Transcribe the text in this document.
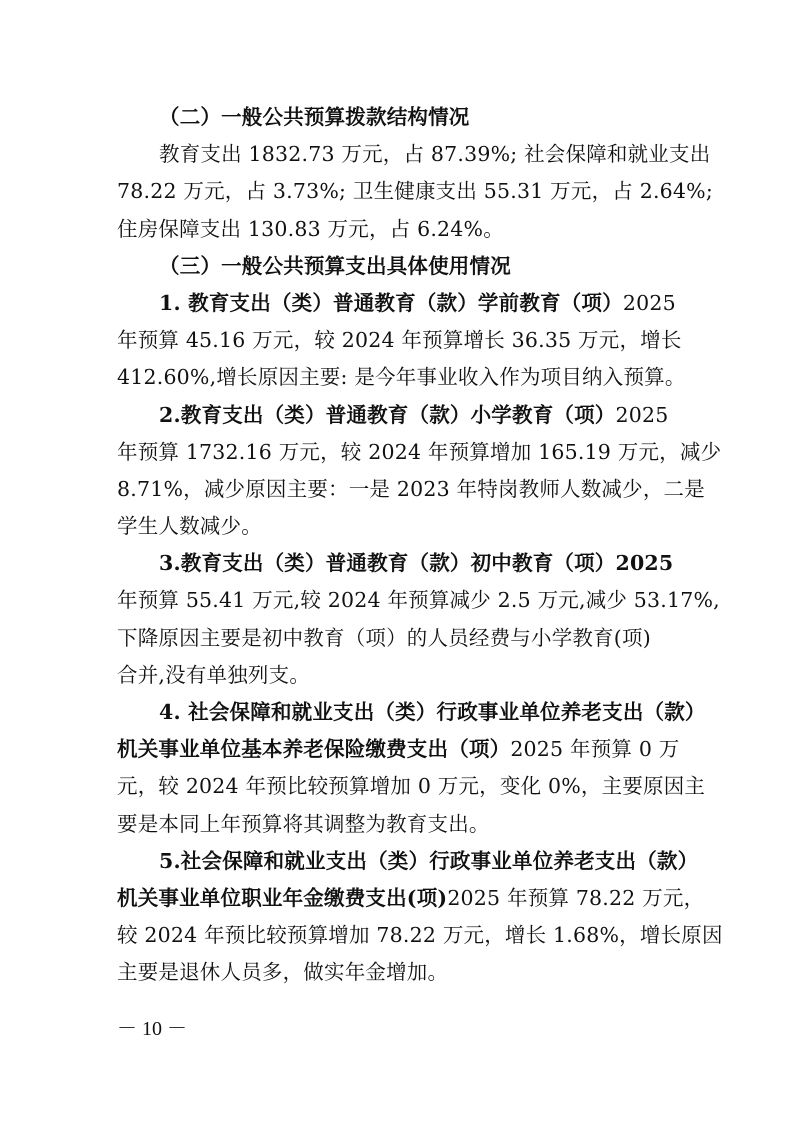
（二）一般公共预算拨款结构情况
教育支出 1832.73 万元，占 87.39%; 社会保障和就业支出
78.22 万元，占 3.73%; 卫生健康支出 55.31 万元，占 2.64%;
住房保障支出 130.83 万元，占 6.24%。
（三）一般公共预算支出具体使用情况
1. 教育支出（类）普通教育（款）学前教育（项）2025
年预算 45.16 万元，较 2024 年预算增长 36.35 万元，增长
412.60%,增长原因主要: 是今年事业收入作为项目纳入预算。
2.教育支出（类）普通教育（款）小学教育（项）2025
年预算 1732.16 万元，较 2024 年预算增加 165.19 万元，减少
8.71%，减少原因主要：一是 2023 年特岗教师人数减少，二是
学生人数减少。
3.教育支出（类）普通教育（款）初中教育（项）2025
年预算 55.41 万元,较 2024 年预算减少 2.5 万元,减少 53.17%,
下降原因主要是初中教育（项）的人员经费与小学教育(项)
合并,没有单独列支。
4. 社会保障和就业支出（类）行政事业单位养老支出（款）
机关事业单位基本养老保险缴费支出（项）2025 年预算 0 万
元，较 2024 年预比较预算增加 0 万元，变化 0%，主要原因主
要是本同上年预算将其调整为教育支出。
5.社会保障和就业支出（类）行政事业单位养老支出（款）
机关事业单位职业年金缴费支出(项)2025 年预算 78.22 万元，
较 2024 年预比较预算增加 78.22 万元，增长 1.68%，增长原因
主要是退休人员多，做实年金增加。
－ 10 －
